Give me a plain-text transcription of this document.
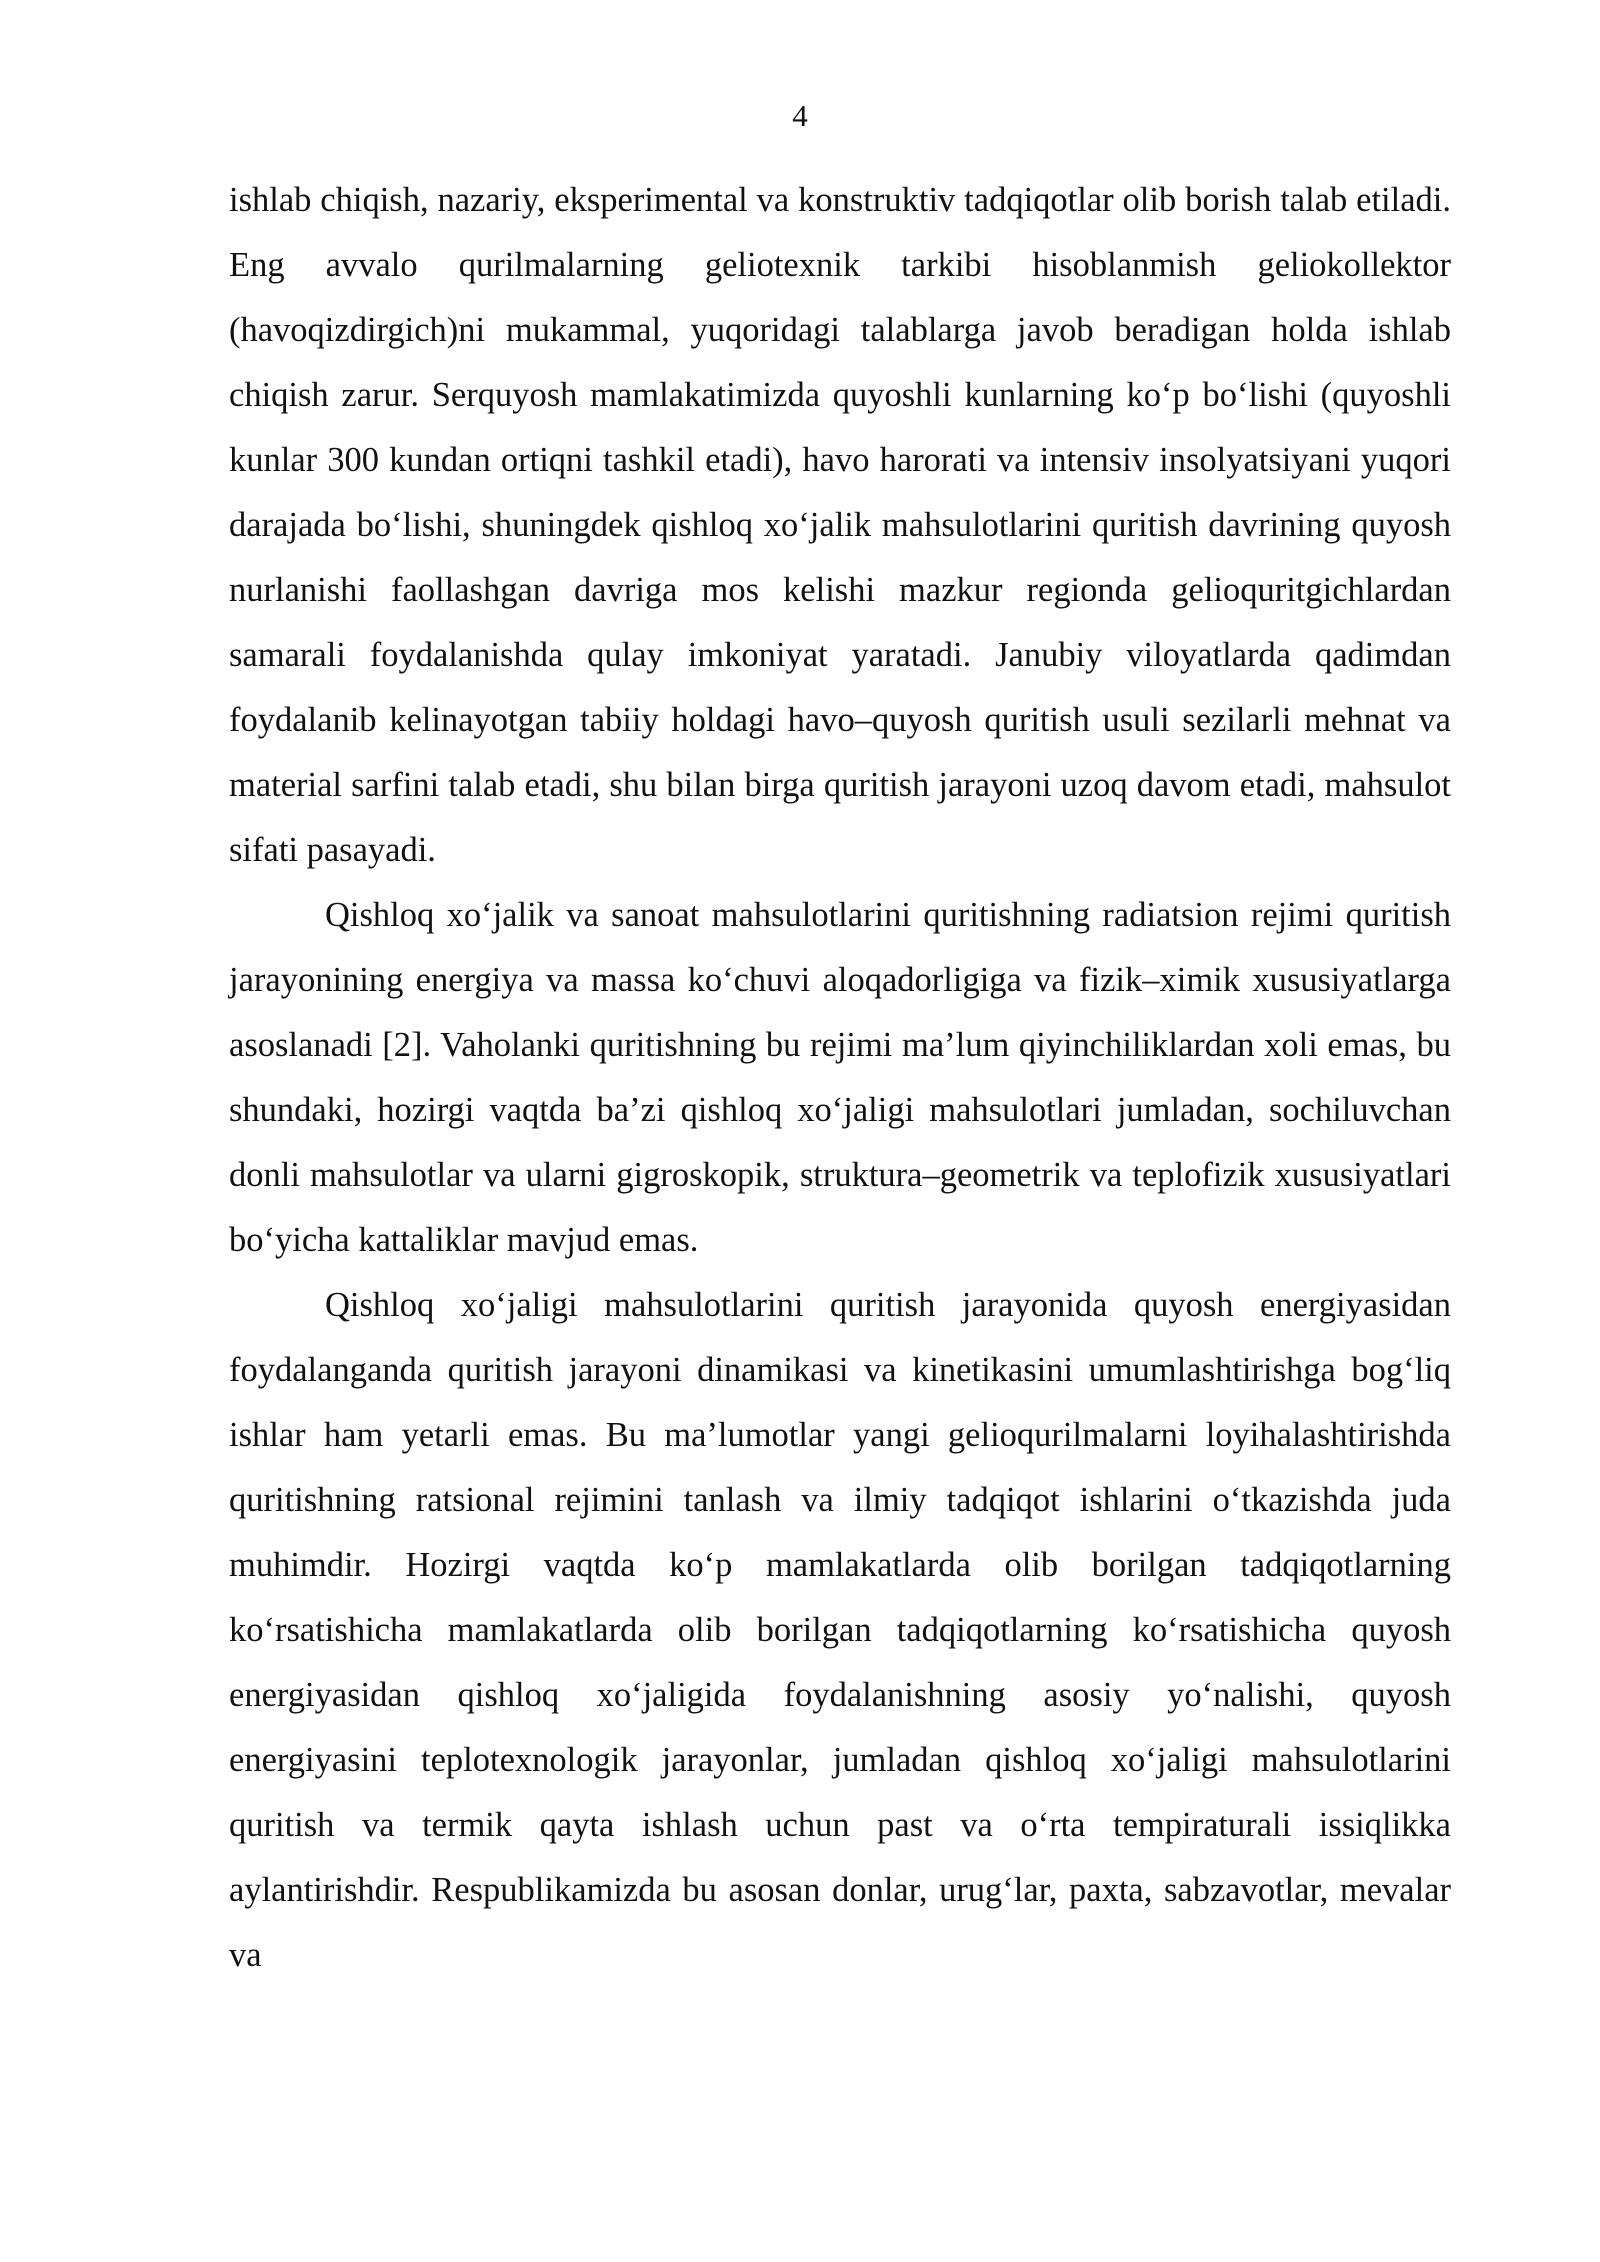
4

ishlab chiqish, nazariy, eksperimental va konstruktiv tadqiqotlar olib borish talab etiladi. Eng avvalo qurilmalarning geliotexnik tarkibi hisoblanmish geliokollektor (havoqizdirgich)ni mukammal, yuqoridagi talablarga javob beradigan holda ishlab chiqish zarur. Serquyosh mamlakatimizda quyoshli kunlarning koʻp boʻlishi (quyoshli kunlar 300 kundan ortiqni tashkil etadi), havo harorati va intensiv insolyatsiyani yuqori darajada boʻlishi, shuningdek qishloq xoʻjalik mahsulotlarini quritish davrining quyosh nurlanishi faollashgan davriga mos kelishi mazkur regionda gelioquritgichlardan samarali foydalanishda qulay imkoniyat yaratadi. Janubiy viloyatlarda qadimdan foydalanib kelinayotgan tabiiy holdagi havo–quyosh quritish usuli sezilarli mehnat va material sarfini talab etadi, shu bilan birga quritish jarayoni uzoq davom etadi, mahsulot sifati pasayadi.

Qishloq xoʻjalik va sanoat mahsulotlarini quritishning radiatsion rejimi quritish jarayonining energiya va massa koʻchuvi aloqadorligiga va fizik–ximik xususiyatlarga asoslanadi [2]. Vaholanki quritishning bu rejimi ma’lum qiyinchiliklardan xoli emas, bu shundaki, hozirgi vaqtda ba’zi qishloq xoʻjaligi mahsulotlari jumladan, sochiluvchan donli mahsulotlar va ularni gigroskopik, struktura–geometrik va teplofizik xususiyatlari boʻyicha kattaliklar mavjud emas.

Qishloq xoʻjaligi mahsulotlarini quritish jarayonida quyosh energiyasidan foydalanganda quritish jarayoni dinamikasi va kinetikasini umumlashtirishga bogʻliq ishlar ham yetarli emas. Bu ma’lumotlar yangi gelioqurilmalarni loyihalashtirishda quritishning ratsional rejimini tanlash va ilmiy tadqiqot ishlarini oʻtkazishda juda muhimdir. Hozirgi vaqtda koʻp mamlakatlarda olib borilgan tadqiqotlarning koʻrsatishicha mamlakatlarda olib borilgan tadqiqotlarning koʻrsatishicha quyosh energiyasidan qishloq xoʻjaligida foydalanishning asosiy yoʻnalishi, quyosh energiyasini teplotexnologik jarayonlar, jumladan qishloq xoʻjaligi mahsulotlarini quritish va termik qayta ishlash uchun past va oʻrta tempiraturali issiqlikka aylantirishdir. Respublikamizda bu asosan donlar, urugʻlar, paxta, sabzavotlar, mevalar va
